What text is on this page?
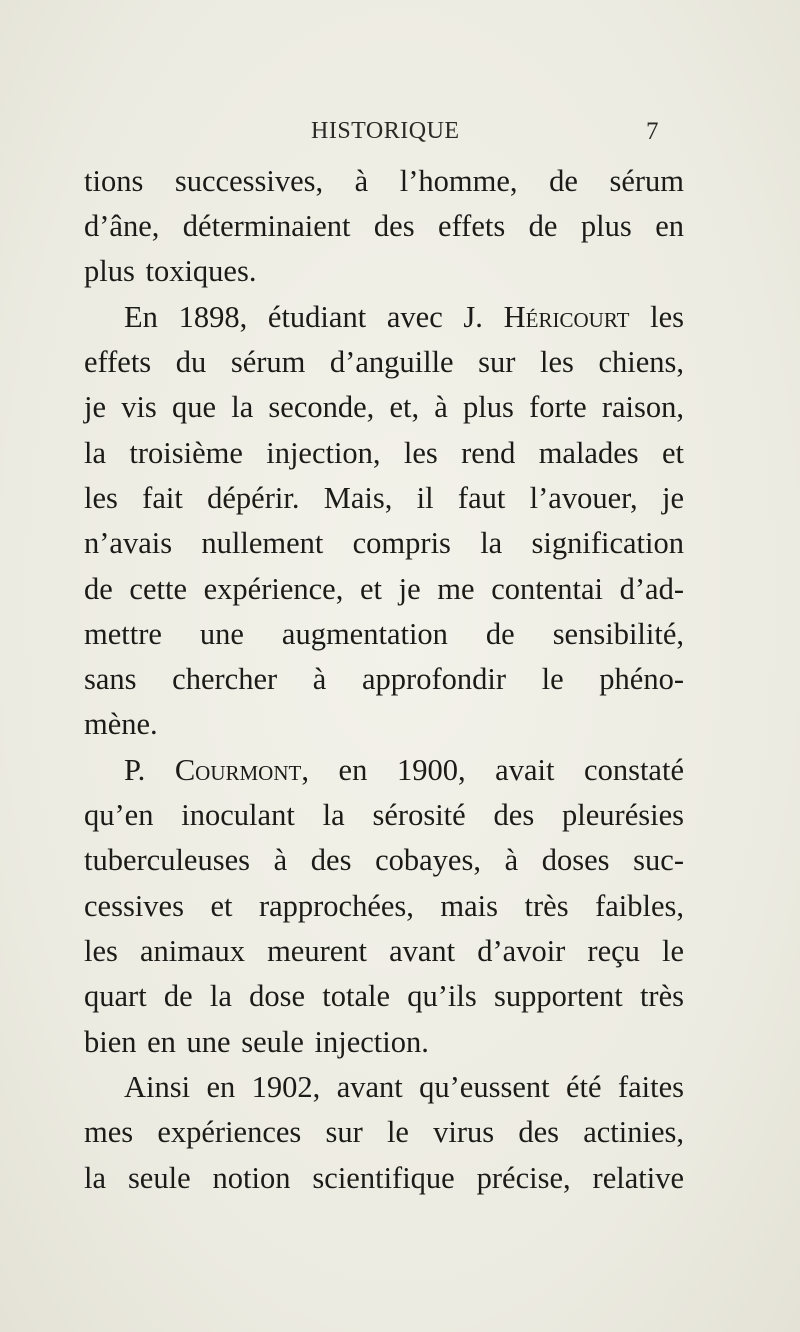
HISTORIQUE	7
tions successives, à l’homme, de sérum
d’âne, déterminaient des effets de plus en
plus toxiques.
En 1898, étudiant avec J. Héricourt les
effets du sérum d’anguille sur les chiens,
je vis que la seconde, et, à plus forte raison,
la troisième injection, les rend malades et
les fait dépérir. Mais, il faut l’avouer, je
n’avais nullement compris la signification
de cette expérience, et je me contentai d’ad-
mettre une augmentation de sensibilité,
sans chercher à approfondir le phéno-
mène.
P. Courmont, en 1900, avait constaté
qu’en inoculant la sérosité des pleurésies
tuberculeuses à des cobayes, à doses suc-
cessives et rapprochées, mais très faibles,
les animaux meurent avant d’avoir reçu le
quart de la dose totale qu’ils supportent très
bien en une seule injection.
Ainsi en 1902, avant qu’eussent été faites
mes expériences sur le virus des actinies,
la seule notion scientifique précise, relative
